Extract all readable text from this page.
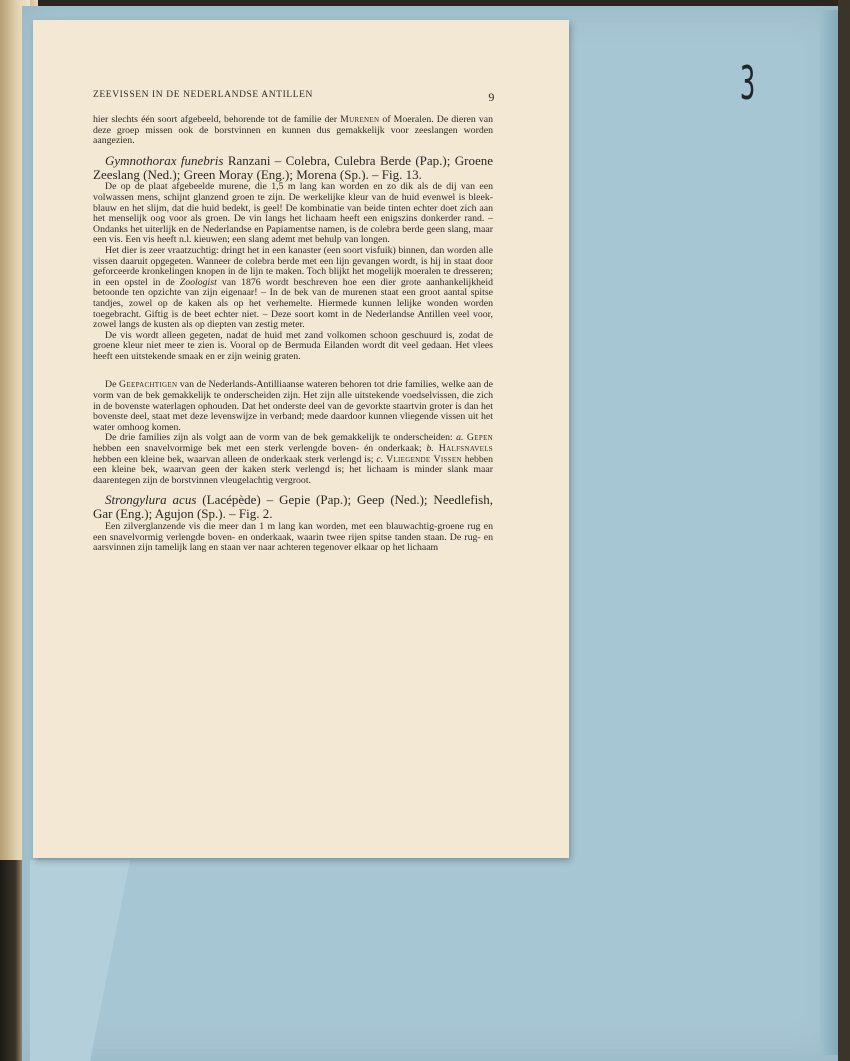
3
ZEEVISSEN IN DE NEDERLANDSE ANTILLEN	9

hier slechts één soort afgebeeld, behorende tot de familie der Murenen of Moeralen. De dieren van deze groep missen ook de borstvinnen en kunnen dus gemakkelijk voor zeeslangen worden aangezien.

Gymnothorax funebris Ranzani – Colebra, Culebra Berde (Pap.); Groene Zeeslang (Ned.); Green Moray (Eng.); Morena (Sp.). – Fig. 13.

De op de plaat afgebeelde murene, die 1,5 m lang kan worden en zo dik als de dij van een volwassen mens, schijnt glanzend groen te zijn. De werkelijke kleur van de huid evenwel is bleek-blauw en het slijm, dat die huid bedekt, is geel! De kombinatie van beide tinten echter doet zich aan het menselijk oog voor als groen. De vin langs het lichaam heeft een enigszins donkerder rand. – Ondanks het uiterlijk en de Nederlandse en Papiamentse namen, is de colebra berde geen slang, maar een vis. Een vis heeft n.l. kieuwen; een slang ademt met behulp van longen.

Het dier is zeer vraatzuchtig: dringt het in een kanaster (een soort visfuik) binnen, dan worden alle vissen daaruit opgegeten. Wanneer de colebra berde met een lijn gevangen wordt, is hij in staat door geforceerde kronkelingen knopen in de lijn te maken. Toch blijkt het mogelijk moeralen te dresseren; in een opstel in de Zoologist van 1876 wordt beschreven hoe een dier grote aanhankelijkheid betoonde ten opzichte van zijn eigenaar! – In de bek van de murenen staat een groot aantal spitse tandjes, zowel op de kaken als op het verhemelte. Hiermede kunnen lelijke wonden worden toegebracht. Giftig is de beet echter niet. – Deze soort komt in de Nederlandse Antillen veel voor, zowel langs de kusten als op diepten van zestig meter.

De vis wordt alleen gegeten, nadat de huid met zand volkomen schoon geschuurd is, zodat de groene kleur niet meer te zien is. Vooral op de Bermuda Eilanden wordt dit veel gedaan. Het vlees heeft een uitstekende smaak en er zijn weinig graten.

De Geepachtigen van de Nederlands-Antilliaanse wateren behoren tot drie families, welke aan de vorm van de bek gemakkelijk te onderscheiden zijn. Het zijn alle uitstekende voedselvissen, die zich in de bovenste waterlagen ophouden. Dat het onderste deel van de gevorkte staartvin groter is dan het bovenste deel, staat met deze levenswijze in verband; mede daardoor kunnen vliegende vissen uit het water omhoog komen.

De drie families zijn als volgt aan de vorm van de bek gemakkelijk te onderscheiden: a. Gepen hebben een snavelvormige bek met een sterk verlengde boven- én onderkaak; b. Halfsnavels hebben een kleine bek, waarvan alleen de onderkaak sterk verlengd is; c. Vliegende Vissen hebben een kleine bek, waarvan geen der kaken sterk verlengd is; het lichaam is minder slank maar daarentegen zijn de borstvinnen vleugelachtig vergroot.

Strongylura acus (Lacépède) – Gepie (Pap.); Geep (Ned.); Needlefish, Gar (Eng.); Agujon (Sp.). – Fig. 2.

Een zilverglanzende vis die meer dan 1 m lang kan worden, met een blauwachtig-groene rug en een snavelvormig verlengde boven- en onderkaak, waarin twee rijen spitse tanden staan. De rug- en aarsvinnen zijn tamelijk lang en staan ver naar achteren tegenover elkaar op het lichaam
